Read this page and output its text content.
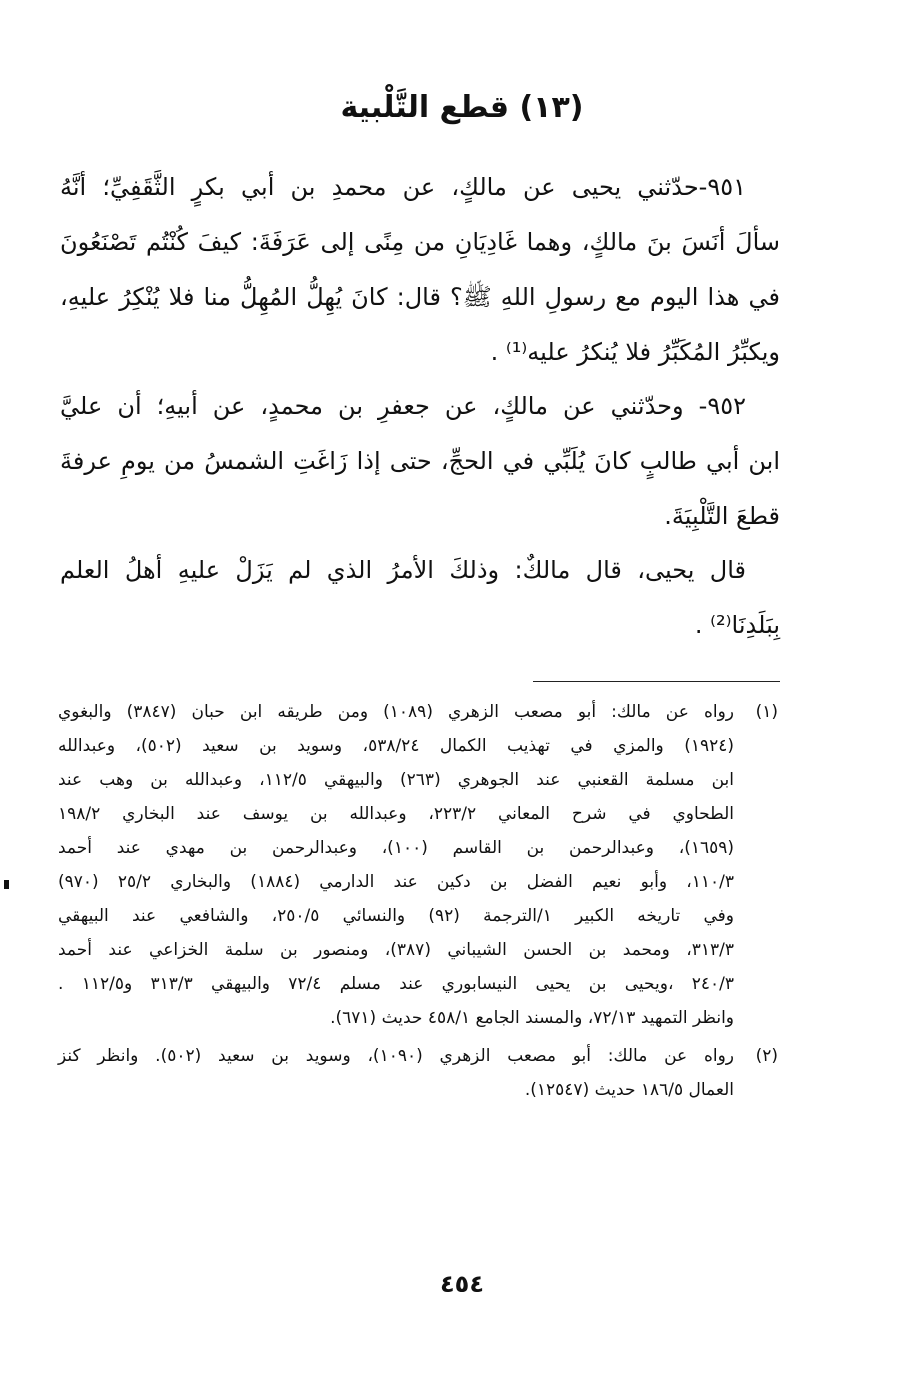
(١٣) قطع التَّلْبية
٩٥١-حدّثني يحيى عن مالكٍ، عن محمدِ بن أبي بكرٍ الثَّقَفِيِّ؛ أنَّهُ
سألَ أنَسَ بنَ مالكٍ، وهما غَادِيَانِ من مِنًى إلى عَرَفَةَ: كيفَ كُنْتُم تَصْنَعُونَ
في هذا اليوم مع رسولِ اللهِ ﷺ؟ قال: كانَ يُهِلُّ المُهِلُّ منا فلا يُنْكِرُ عليهِ،
ويكبِّرُ المُكَبِّرُ فلا يُنكرُ عليه⁽¹⁾ .
٩٥٢- وحدّثني عن مالكٍ، عن جعفرِ بن محمدٍ، عن أبيهِ؛ أن عليَّ
ابن أبي طالبٍ كانَ يُلَبِّي في الحجِّ، حتى إذا زَاغَتِ الشمسُ من يومِ عرفةَ
قطعَ التَّلْبِيَةَ.
قال يحيى، قال مالكٌ: وذلكَ الأمرُ الذي لم يَزَلْ عليهِ أهلُ العلم
بِبَلَدِنَا⁽²⁾ .
(١)
رواه عن مالك: أبو مصعب الزهري (١٠٨٩) ومن طريقه ابن حبان (٣٨٤٧) والبغوي
(١٩٢٤) والمزي في تهذيب الكمال ٥٣٨/٢٤، وسويد بن سعيد (٥٠٢)، وعبدالله
ابن مسلمة القعنبي عند الجوهري (٢٦٣) والبيهقي ١١٢/٥، وعبدالله بن وهب عند
الطحاوي في شرح المعاني ٢٢٣/٢، وعبدالله بن يوسف عند البخاري ١٩٨/٢
(١٦٥٩)، وعبدالرحمن بن القاسم (١٠٠)، وعبدالرحمن بن مهدي عند أحمد
١١٠/٣، وأبو نعيم الفضل بن دكين عند الدارمي (١٨٨٤) والبخاري ٢٥/٢ (٩٧٠)
وفي تاريخه الكبير ١/الترجمة (٩٢) والنسائي ٢٥٠/٥، والشافعي عند البيهقي
٣١٣/٣، ومحمد بن الحسن الشيباني (٣٨٧)، ومنصور بن سلمة الخزاعي عند أحمد
٢٤٠/٣ ،ويحيى بن يحيى النيسابوري عند مسلم ٧٢/٤ والبيهقي ٣١٣/٣ و١١٢/٥ .
وانظر التمهيد ٧٢/١٣، والمسند الجامع ٤٥٨/١ حديث (٦٧١).
(٢)
رواه عن مالك: أبو مصعب الزهري (١٠٩٠)، وسويد بن سعيد (٥٠٢). وانظر كنز
العمال ١٨٦/٥ حديث (١٢٥٤٧).
٤٥٤
